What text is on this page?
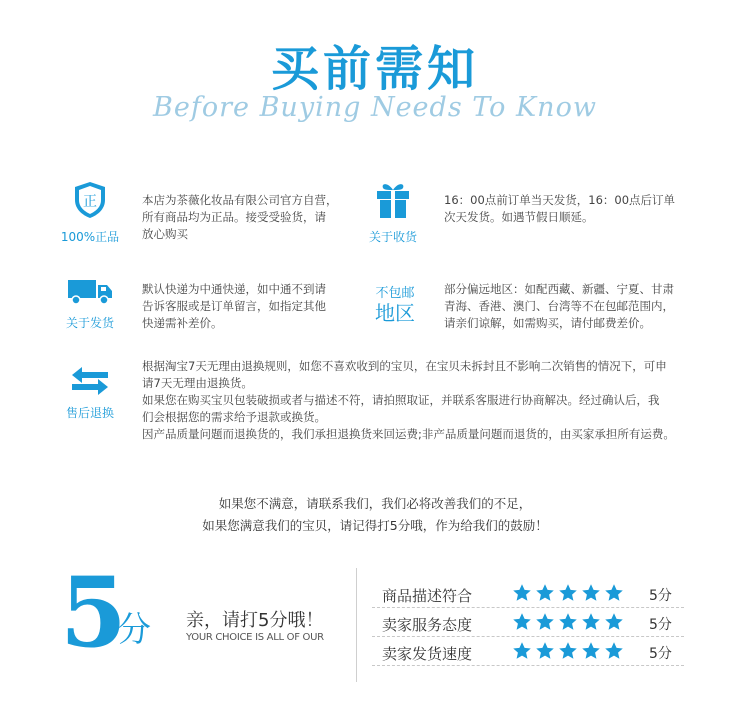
买前需知
Before Buying Needs To Know
正
100%正品
本店为茶薇化妆品有限公司官方自营，
所有商品均为正品。接受受验货，请
放心购买	关于收货
16：00点前订单当天发货，16：00点后订单
次天发货。如遇节假日顺延。
关于发货
默认快递为中通快递，如中通不到请
告诉客服或是订单留言，如指定其他
快递需补差价。
不包邮
地区
部分偏远地区：如配西藏、新疆、宁夏、甘肃
青海、香港、澳门、台湾等不在包邮范围内，
请亲们谅解，如需购买，请付邮费差价。
售后退换
根据淘宝7天无理由退换规则，如您不喜欢收到的宝贝，在宝贝未拆封且不影响二次销售的情况下，可申
请7天无理由退换货。
如果您在购买宝贝包装破损或者与描述不符，请拍照取证，并联系客服进行协商解决。经过确认后，我
们会根据您的需求给予退款或换货。
因产品质量问题而退换货的，我们承担退换货来回运费;非产品质量问题而退货的，由买家承担所有运费。
如果您不满意，请联系我们，我们必将改善我们的不足，
如果您满意我们的宝贝，请记得打5分哦，作为给我们的鼓励！
5
分 亲，请打5分哦！
YOUR CHOICE IS ALL OF OUR
商品描述符合	5分
卖家服务态度	5分
卖家发货速度	5分
